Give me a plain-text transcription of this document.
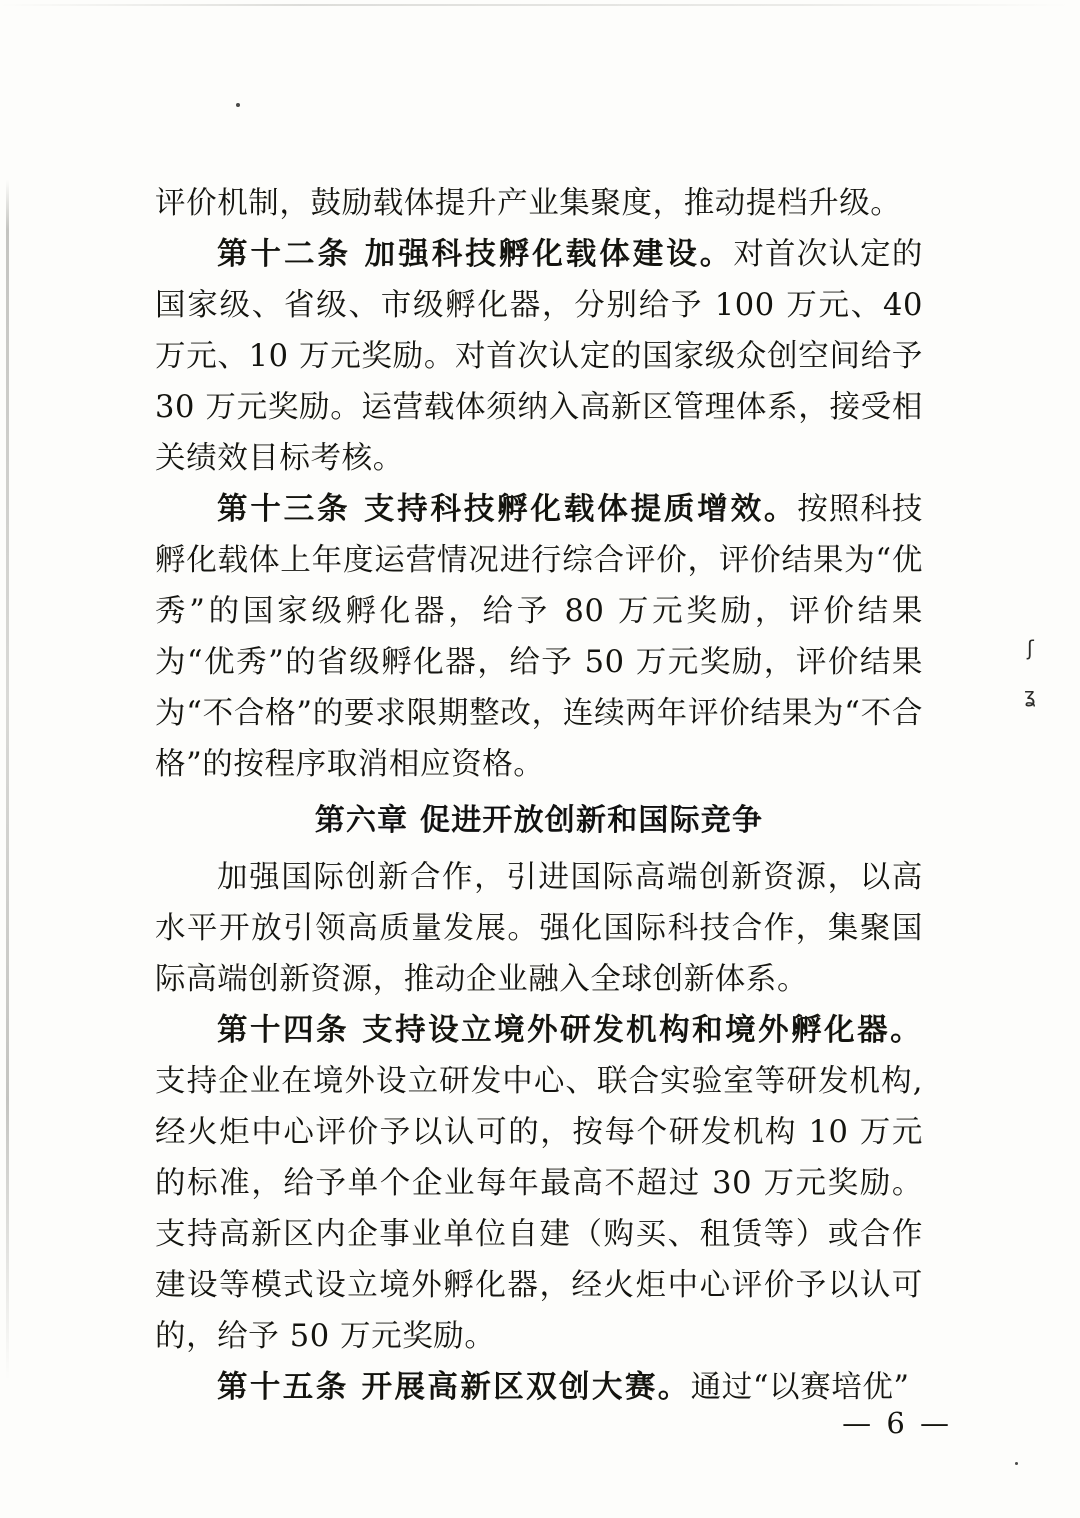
ʃ
ʓ

评价机制，鼓励载体提升产业集聚度，推动提档升级。

第十二条 加强科技孵化载体建设。对首次认定的国家级、省级、市级孵化器，分别给予 100 万元、40 万元、10 万元奖励。对首次认定的国家级众创空间给予 30 万元奖励。运营载体须纳入高新区管理体系，接受相关绩效目标考核。

第十三条 支持科技孵化载体提质增效。按照科技孵化载体上年度运营情况进行综合评价，评价结果为“优秀”的国家级孵化器，给予 80 万元奖励，评价结果为“优秀”的省级孵化器，给予 50 万元奖励，评价结果为“不合格”的要求限期整改，连续两年评价结果为“不合格”的按程序取消相应资格。

第六章 促进开放创新和国际竞争

加强国际创新合作，引进国际高端创新资源，以高水平开放引领高质量发展。强化国际科技合作，集聚国际高端创新资源，推动企业融入全球创新体系。

第十四条 支持设立境外研发机构和境外孵化器。支持企业在境外设立研发中心、联合实验室等研发机构,经火炬中心评价予以认可的，按每个研发机构 10 万元的标准，给予单个企业每年最高不超过 30 万元奖励。支持高新区内企事业单位自建（购买、租赁等）或合作建设等模式设立境外孵化器，经火炬中心评价予以认可的，给予 50 万元奖励。

第十五条 开展高新区双创大赛。通过“以赛培优”

— 6 —
